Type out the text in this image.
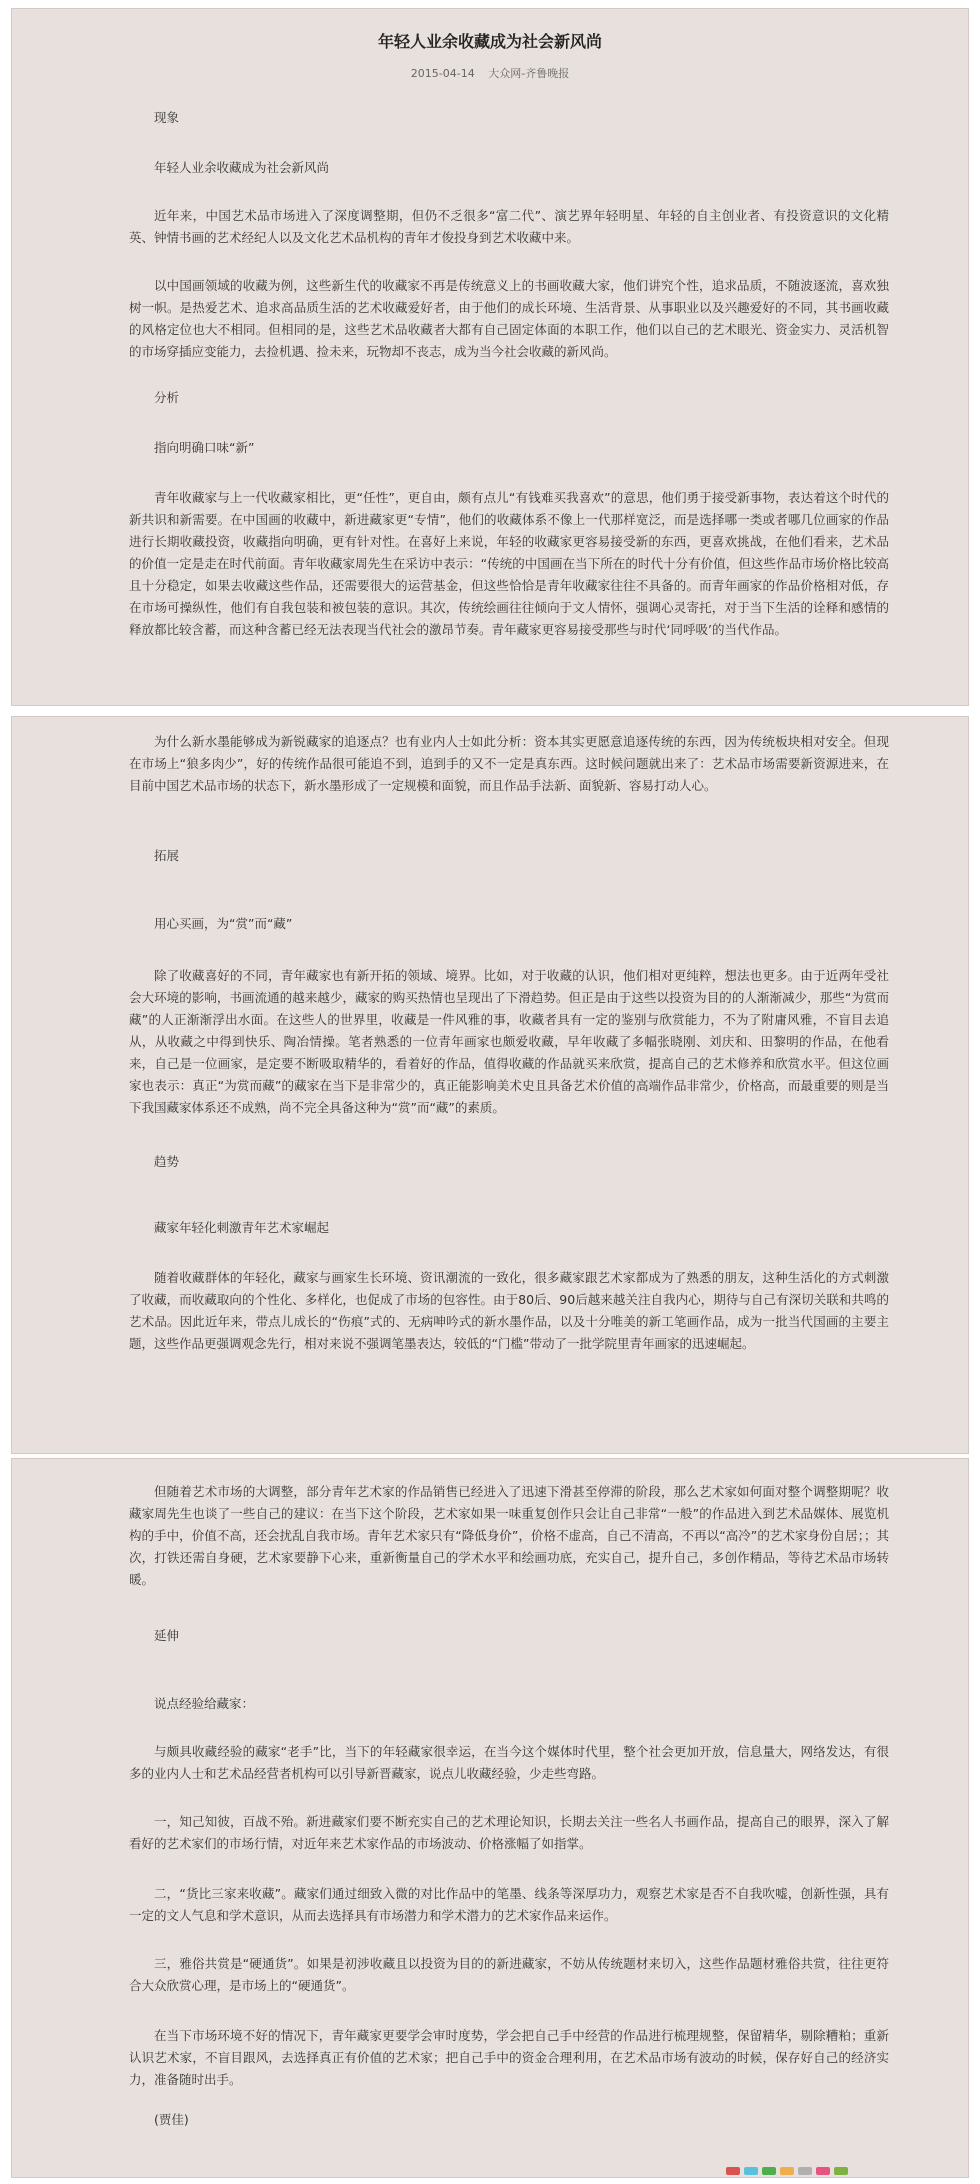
年轻人业余收藏成为社会新风尚
2015-04-14 大众网-齐鲁晚报

现象

年轻人业余收藏成为社会新风尚

近年来，中国艺术品市场进入了深度调整期，但仍不乏很多“富二代”、演艺界年轻明星、年轻的自主创业者、有投资意识的文化精英、钟情书画的艺术经纪人以及文化艺术品机构的青年才俊投身到艺术收藏中来。

以中国画领域的收藏为例，这些新生代的收藏家不再是传统意义上的书画收藏大家，他们讲究个性，追求品质，不随波逐流，喜欢独树一帜。是热爱艺术、追求高品质生活的艺术收藏爱好者，由于他们的成长环境、生活背景、从事职业以及兴趣爱好的不同，其书画收藏的风格定位也大不相同。但相同的是，这些艺术品收藏者大都有自己固定体面的本职工作，他们以自己的艺术眼光、资金实力、灵活机智的市场穿插应变能力，去捡机遇、捡未来，玩物却不丧志，成为当今社会收藏的新风尚。

分析

指向明确口味“新”

青年收藏家与上一代收藏家相比，更“任性”，更自由，颇有点儿“有钱难买我喜欢”的意思，他们勇于接受新事物，表达着这个时代的新共识和新需要。在中国画的收藏中，新进藏家更“专情”，他们的收藏体系不像上一代那样宽泛，而是选择哪一类或者哪几位画家的作品进行长期收藏投资，收藏指向明确，更有针对性。在喜好上来说，年轻的收藏家更容易接受新的东西，更喜欢挑战，在他们看来，艺术品的价值一定是走在时代前面。青年收藏家周先生在采访中表示：“传统的中国画在当下所在的时代十分有价值，但这些作品市场价格比较高且十分稳定，如果去收藏这些作品，还需要很大的运营基金，但这些恰恰是青年收藏家往往不具备的。而青年画家的作品价格相对低，存在市场可操纵性，他们有自我包装和被包装的意识。其次，传统绘画往往倾向于文人情怀，强调心灵寄托，对于当下生活的诠释和感情的释放都比较含蓄，而这种含蓄已经无法表现当代社会的激昂节奏。青年藏家更容易接受那些与时代‘同呼吸’的当代作品。

为什么新水墨能够成为新锐藏家的追逐点？也有业内人士如此分析：资本其实更愿意追逐传统的东西，因为传统板块相对安全。但现在市场上“狼多肉少”，好的传统作品很可能追不到，追到手的又不一定是真东西。这时候问题就出来了：艺术品市场需要新资源进来，在目前中国艺术品市场的状态下，新水墨形成了一定规模和面貌，而且作品手法新、面貌新、容易打动人心。

拓展

用心买画，为“赏”而“藏”

除了收藏喜好的不同，青年藏家也有新开拓的领域、境界。比如，对于收藏的认识，他们相对更纯粹，想法也更多。由于近两年受社会大环境的影响，书画流通的越来越少，藏家的购买热情也呈现出了下滑趋势。但正是由于这些以投资为目的的人渐渐减少，那些“为赏而藏”的人正渐渐浮出水面。在这些人的世界里，收藏是一件风雅的事，收藏者具有一定的鉴别与欣赏能力，不为了附庸风雅，不盲目去追从，从收藏之中得到快乐、陶冶情操。笔者熟悉的一位青年画家也颇爱收藏，早年收藏了多幅张晓刚、刘庆和、田黎明的作品，在他看来，自己是一位画家，是定要不断吸取精华的，看着好的作品，值得收藏的作品就买来欣赏，提高自己的艺术修养和欣赏水平。但这位画家也表示：真正“为赏而藏”的藏家在当下是非常少的，真正能影响美术史且具备艺术价值的高端作品非常少，价格高，而最重要的则是当下我国藏家体系还不成熟，尚不完全具备这种为“赏”而“藏”的素质。

趋势

藏家年轻化刺激青年艺术家崛起

随着收藏群体的年轻化，藏家与画家生长环境、资讯潮流的一致化，很多藏家跟艺术家都成为了熟悉的朋友，这种生活化的方式刺激了收藏，而收藏取向的个性化、多样化，也促成了市场的包容性。由于80后、90后越来越关注自我内心，期待与自己有深切关联和共鸣的艺术品。因此近年来，带点儿成长的“伤痕”式的、无病呻吟式的新水墨作品，以及十分唯美的新工笔画作品，成为一批当代国画的主要主题，这些作品更强调观念先行，相对来说不强调笔墨表达，较低的“门槛”带动了一批学院里青年画家的迅速崛起。

但随着艺术市场的大调整，部分青年艺术家的作品销售已经进入了迅速下滑甚至停滞的阶段，那么艺术家如何面对整个调整期呢？收藏家周先生也谈了一些自己的建议：在当下这个阶段，艺术家如果一味重复创作只会让自己非常“一般”的作品进入到艺术品媒体、展览机构的手中，价值不高，还会扰乱自我市场。青年艺术家只有“降低身价”，价格不虚高，自己不清高，不再以“高冷”的艺术家身份自居；；其次，打铁还需自身硬，艺术家要静下心来，重新衡量自己的学术水平和绘画功底，充实自己，提升自己，多创作精品，等待艺术品市场转暖。

延伸

说点经验给藏家：

与颇具收藏经验的藏家“老手”比，当下的年轻藏家很幸运，在当今这个媒体时代里，整个社会更加开放，信息量大，网络发达，有很多的业内人士和艺术品经营者机构可以引导新晋藏家，说点儿收藏经验，少走些弯路。

一，知己知彼，百战不殆。新进藏家们要不断充实自己的艺术理论知识，长期去关注一些名人书画作品，提高自己的眼界，深入了解看好的艺术家们的市场行情，对近年来艺术家作品的市场波动、价格涨幅了如指掌。

二，“货比三家来收藏”。藏家们通过细致入微的对比作品中的笔墨、线条等深厚功力，观察艺术家是否不自我吹嘘，创新性强，具有一定的文人气息和学术意识，从而去选择具有市场潜力和学术潜力的艺术家作品来运作。

三，雅俗共赏是“硬通货”。如果是初涉收藏且以投资为目的的新进藏家，不妨从传统题材来切入，这些作品题材雅俗共赏，往往更符合大众欣赏心理，是市场上的“硬通货”。

在当下市场环境不好的情况下，青年藏家更要学会审时度势，学会把自己手中经营的作品进行梳理规整，保留精华，剔除糟粕；重新认识艺术家，不盲目跟风，去选择真正有价值的艺术家；把自己手中的资金合理利用，在艺术品市场有波动的时候，保存好自己的经济实力，准备随时出手。

(贾佳)
